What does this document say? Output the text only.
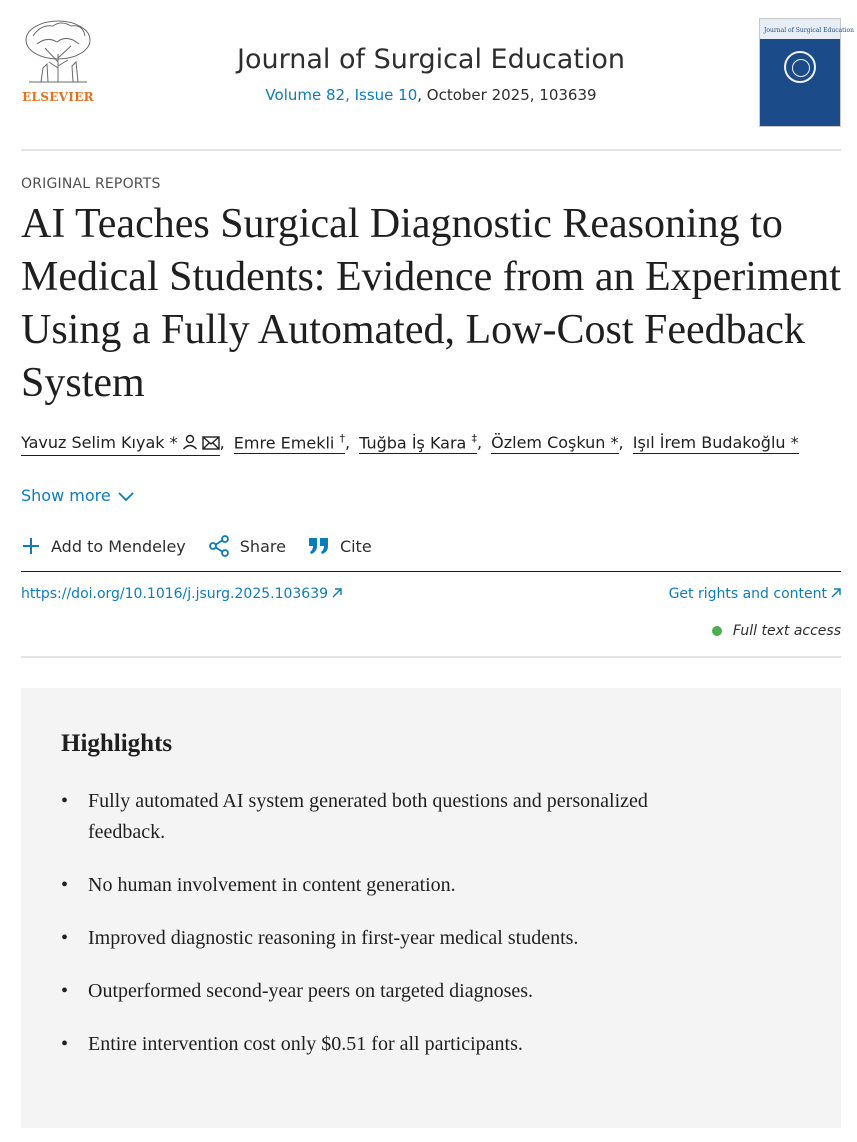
ELSEVIER
Journal of Surgical Education
Volume 82, Issue 10, October 2025, 103639
Journal of Surgical Education
ORIGINAL REPORTS
AI Teaches Surgical Diagnostic Reasoning to Medical Students: Evidence from an Experiment Using a Fully Automated, Low-Cost Feedback System
Yavuz Selim Kıyak *	, Emre Emekli †, Tuğba İş Kara ‡, Özlem Coşkun *, Işıl İrem Budakoğlu *
Show more
Add to Mendeley	Share	Cite
https://doi.org/10.1016/j.jsurg.2025.103639	Get rights and content
Full text access
Highlights
• Fully automated AI system generated both questions and personalized feedback.
• No human involvement in content generation.
• Improved diagnostic reasoning in first-year medical students.
• Outperformed second-year peers on targeted diagnoses.
• Entire intervention cost only $0.51 for all participants.
